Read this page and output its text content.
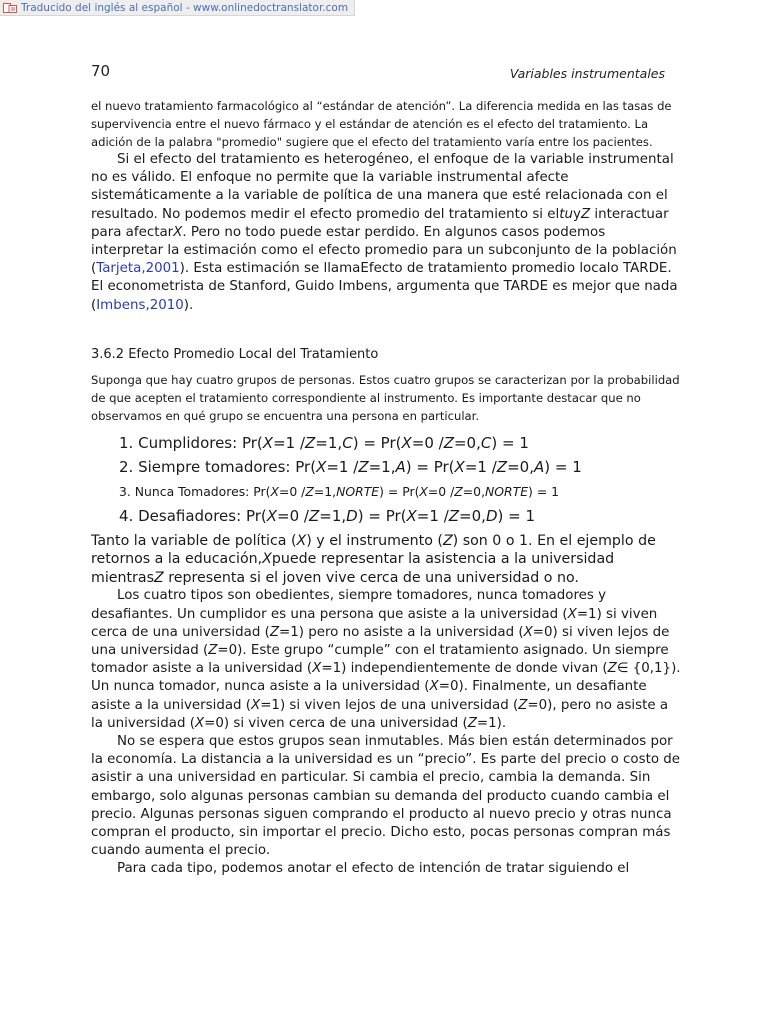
Traducido del inglés al español - www.onlinedoctranslator.com
70	Variables instrumentales

el nuevo tratamiento farmacológico al “estándar de atención”. La diferencia medida en las tasas de supervivencia entre el nuevo fármaco y el estándar de atención es el efecto del tratamiento. La adición de la palabra "promedio" sugiere que el efecto del tratamiento varía entre los pacientes.

Si el efecto del tratamiento es heterogéneo, el enfoque de la variable instrumental no es válido. El enfoque no permite que la variable instrumental afecte sistemáticamente a la variable de política de una manera que esté relacionada con el resultado. No podemos medir el efecto promedio del tratamiento si eltuyZ interactuar para afectarX. Pero no todo puede estar perdido. En algunos casos podemos interpretar la estimación como el efecto promedio para un subconjunto de la población (Tarjeta,2001). Esta estimación se llamaEfecto de tratamiento promedio localo TARDE. El econometrista de Stanford, Guido Imbens, argumenta que TARDE es mejor que nada (Imbens,2010).

3.6.2 Efecto Promedio Local del Tratamiento

Suponga que hay cuatro grupos de personas. Estos cuatro grupos se caracterizan por la probabilidad de que acepten el tratamiento correspondiente al instrumento. Es importante destacar que no observamos en qué grupo se encuentra una persona en particular.

1. Cumplidores: Pr(X=1 /Z=1,C) = Pr(X=0 /Z=0,C) = 1
2. Siempre tomadores: Pr(X=1 /Z=1,A) = Pr(X=1 /Z=0,A) = 1
3. Nunca Tomadores: Pr(X=0 /Z=1,NORTE) = Pr(X=0 /Z=0,NORTE) = 1
4. Desafiadores: Pr(X=0 /Z=1,D) = Pr(X=1 /Z=0,D) = 1

Tanto la variable de política (X) y el instrumento (Z) son 0 o 1. En el ejemplo de retornos a la educación,Xpuede representar la asistencia a la universidad mientrasZ representa si el joven vive cerca de una universidad o no.

Los cuatro tipos son obedientes, siempre tomadores, nunca tomadores y desafiantes. Un cumplidor es una persona que asiste a la universidad (X=1) si viven cerca de una universidad (Z=1) pero no asiste a la universidad (X=0) si viven lejos de una universidad (Z=0). Este grupo “cumple” con el tratamiento asignado. Un siempre tomador asiste a la universidad (X=1) independientemente de donde vivan (Z∈ {0,1}). Un nunca tomador, nunca asiste a la universidad (X=0). Finalmente, un desafiante asiste a la universidad (X=1) si viven lejos de una universidad (Z=0), pero no asiste a la universidad (X=0) si viven cerca de una universidad (Z=1).

No se espera que estos grupos sean inmutables. Más bien están determinados por la economía. La distancia a la universidad es un “precio”. Es parte del precio o costo de asistir a una universidad en particular. Si cambia el precio, cambia la demanda. Sin embargo, solo algunas personas cambian su demanda del producto cuando cambia el precio. Algunas personas siguen comprando el producto al nuevo precio y otras nunca compran el producto, sin importar el precio. Dicho esto, pocas personas compran más cuando aumenta el precio.

Para cada tipo, podemos anotar el efecto de intención de tratar siguiendo el
